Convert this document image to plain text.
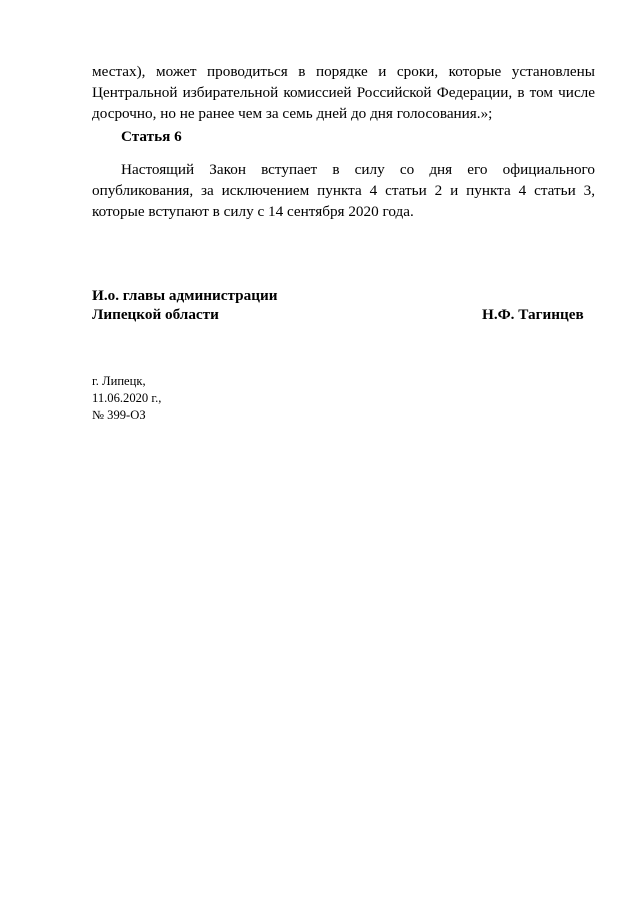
местах), может проводиться в порядке и сроки, которые установлены
Центральной избирательной комиссией Российской Федерации, в том числе
досрочно, но не ранее чем за семь дней до дня голосования.»;

Статья 6

Настоящий Закон вступает в силу со дня его официального
опубликования, за исключением пункта 4 статьи 2 и пункта 4 статьи 3,
которые вступают в силу с 14 сентября 2020 года.

И.о. главы администрации
Липецкой области	Н.Ф. Тагинцев
г. Липецк,
11.06.2020 г.,
№ 399-ОЗ
